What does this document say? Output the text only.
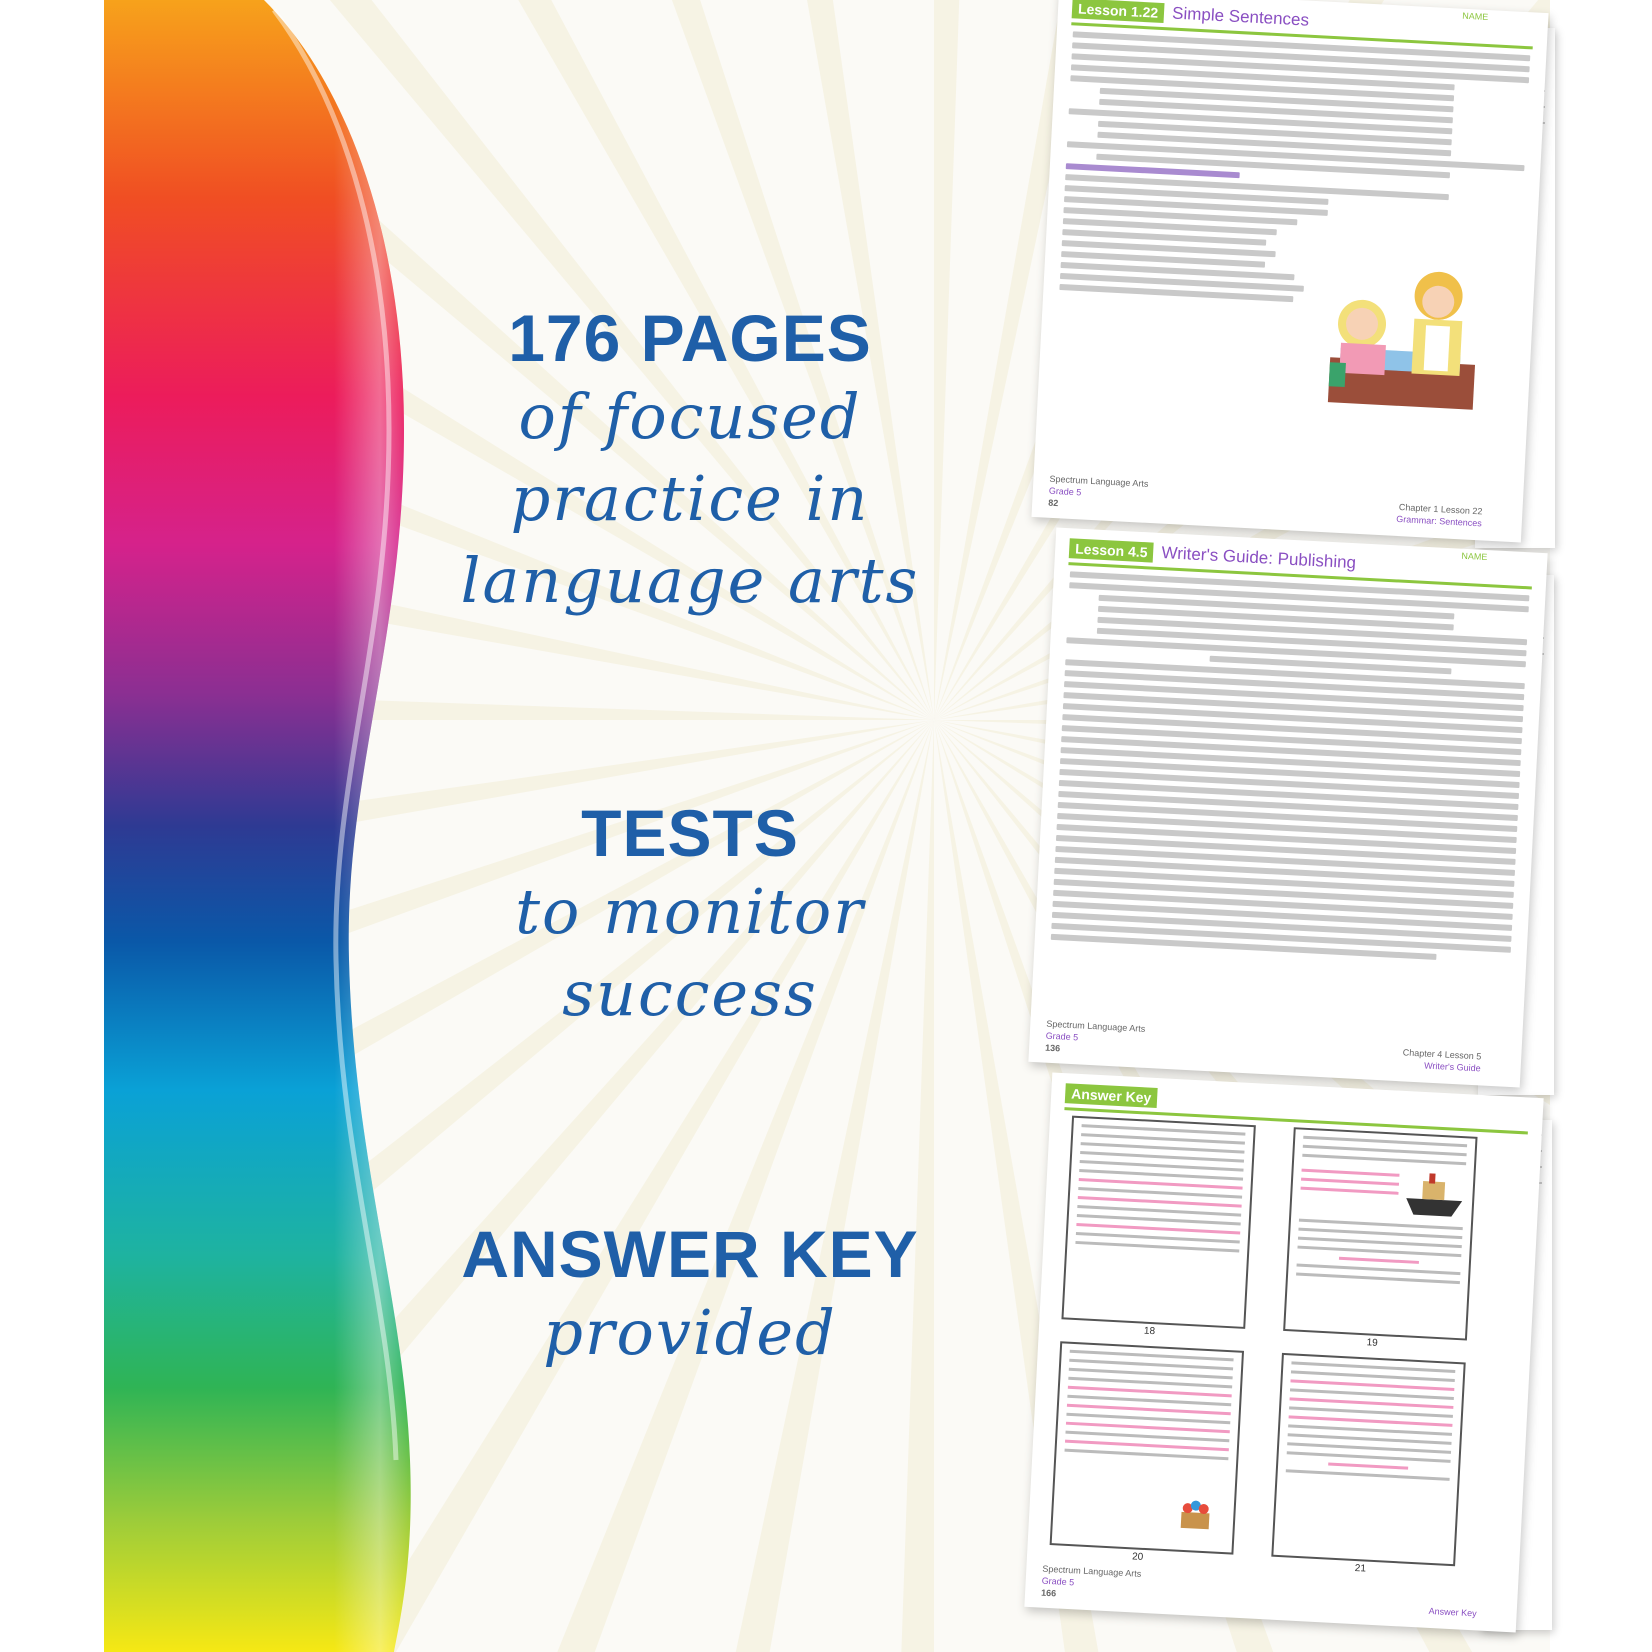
176 PAGES
of focused
practice in
language arts
TESTS
to monitor
success
ANSWER KEY
provided
NAME
Lesson 1.22 Simple Sentences
Spectrum Language Arts
Grade 5
82	Chapter 1 Lesson 22
Grammar: Sentences
NAME
Lesson 4.5 Writer's Guide: Publishing
Spectrum Language Arts
Grade 5
136	Chapter 4 Lesson 5
Writer's Guide
Answer Key
18
19
20
21
Spectrum Language Arts
Grade 5
166
Answer Key
